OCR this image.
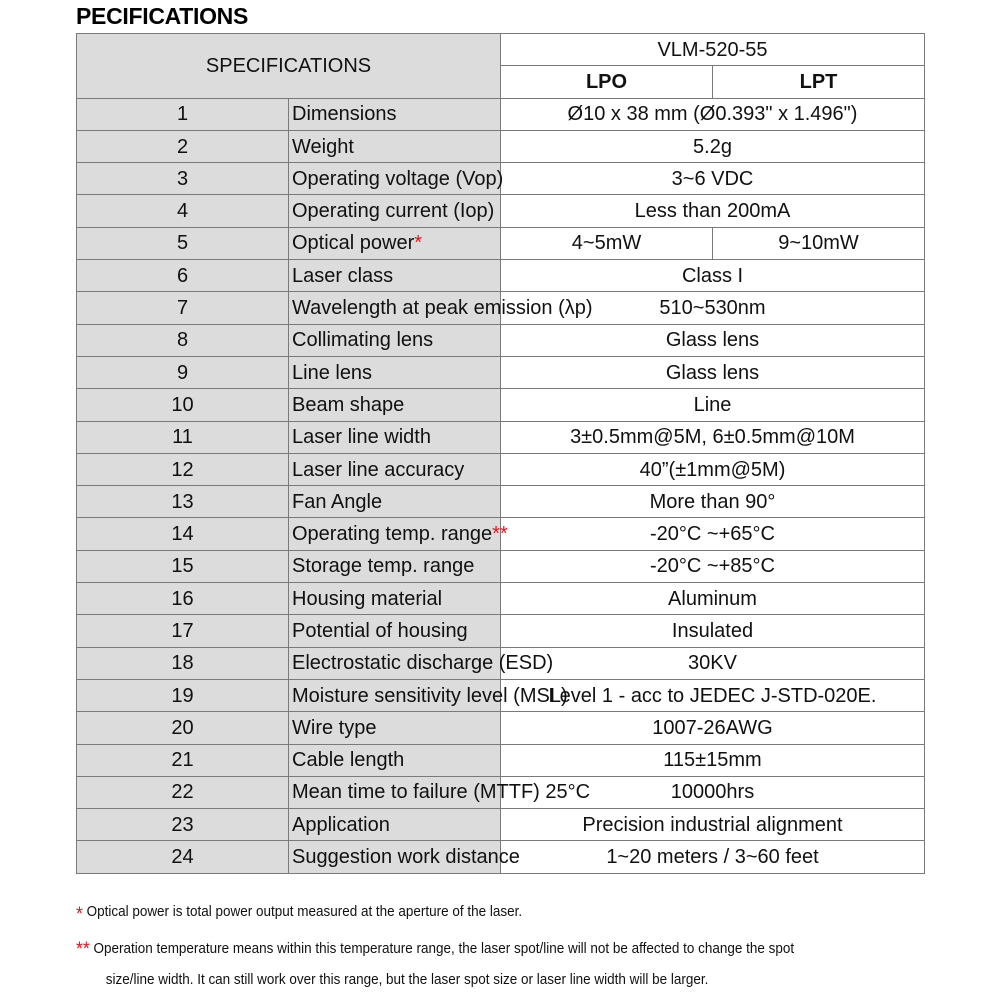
PECIFICATIONS
SPECIFICATIONS		VLM-520-55	
		LPO	LPT
1	Dimensions	Ø10 x 38 mm (Ø0.393" x 1.496")	
2	Weight	5.2g	
3	Operating voltage (Vop)	3~6 VDC	
4	Operating current (Iop)	Less than 200mA	
5	Optical power*	4~5mW	9~10mW
6	Laser class	Class I	
7	Wavelength at peak emission (λp)	510~530nm	
8	Collimating lens	Glass lens	
9	Line lens	Glass lens	
10	Beam shape	Line	
11	Laser line width	3±0.5mm@5M, 6±0.5mm@10M	
12	Laser line accuracy	40”(±1mm@5M)	
13	Fan Angle	More than 90°	
14	Operating temp. range**	-20°C ~+65°C	
15	Storage temp. range	-20°C ~+85°C	
16	Housing material	Aluminum	
17	Potential of housing	Insulated	
18	Electrostatic discharge (ESD)	30KV	
19	Moisture sensitivity level (MSL)	Level 1 - acc to JEDEC J-STD-020E.	
20	Wire type	1007-26AWG	
21	Cable length	115±15mm	
22	Mean time to failure (MTTF) 25°C	10000hrs	
23	Application	Precision industrial alignment	
24	Suggestion work distance	1~20 meters / 3~60 feet	
* Optical power is total power output measured at the aperture of the laser.
** Operation temperature means within this temperature range, the laser spot/line will not be affected to change the spot
size/line width. It can still work over this range, but the laser spot size or laser line width will be larger.
